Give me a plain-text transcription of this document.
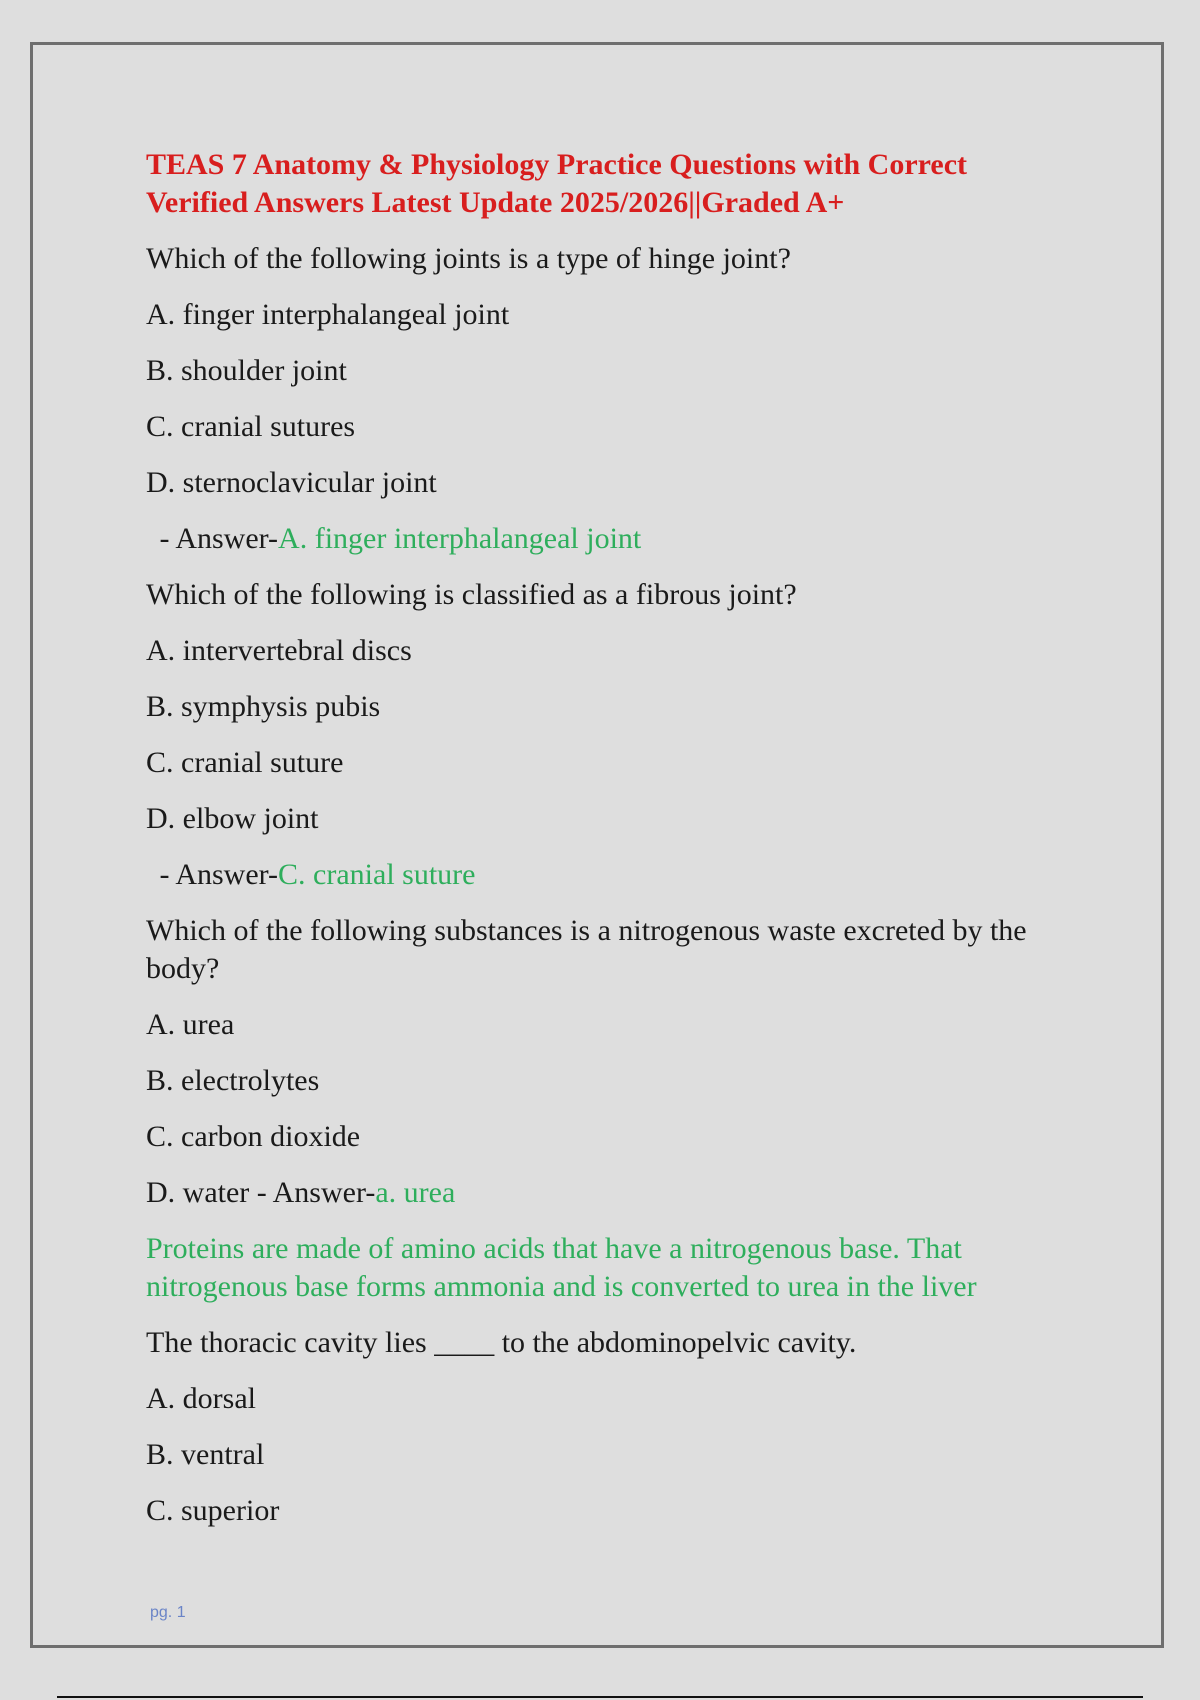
TEAS 7 Anatomy & Physiology Practice Questions with Correct Verified Answers Latest Update 2025/2026||Graded A+
Which of the following joints is a type of hinge joint?
A. finger interphalangeal joint
B. shoulder joint
C. cranial sutures
D. sternoclavicular joint
- Answer-A. finger interphalangeal joint
Which of the following is classified as a fibrous joint?
A. intervertebral discs
B. symphysis pubis
C. cranial suture
D. elbow joint
- Answer-C. cranial suture
Which of the following substances is a nitrogenous waste excreted by the body?
A. urea
B. electrolytes
C. carbon dioxide
D. water - Answer-a. urea
Proteins are made of amino acids that have a nitrogenous base. That nitrogenous base forms ammonia and is converted to urea in the liver
The thoracic cavity lies ____ to the abdominopelvic cavity.
A. dorsal
B. ventral
C. superior
pg. 1
